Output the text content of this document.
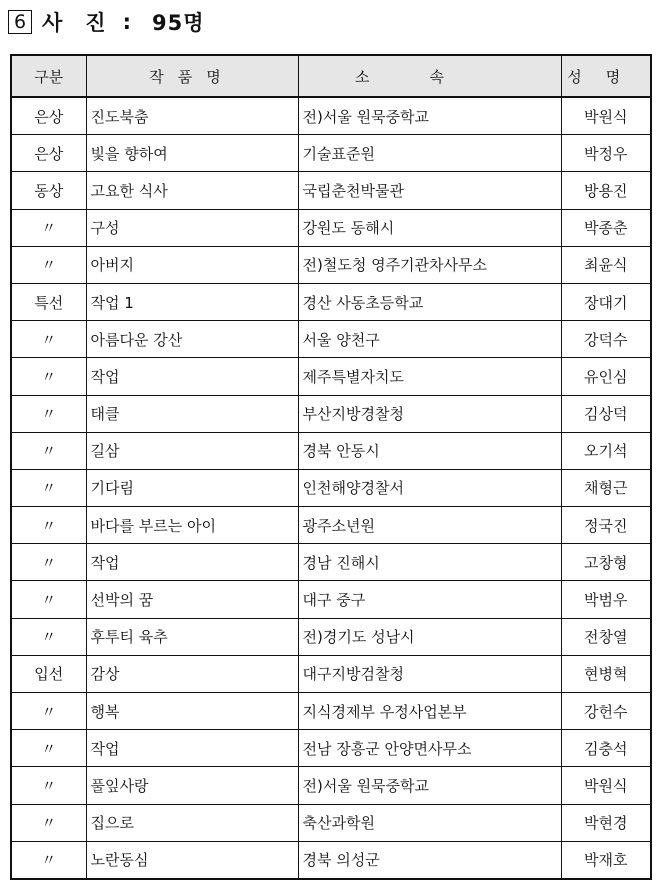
6 사 진 : 95명
구분	작품명	소속	성명
은상	진도북춤	전)서울 원묵중학교	박원식
은상	빛을 향하여	기술표준원	박정우
동상	고요한 식사	국립춘천박물관	방용진
〃	구성	강원도 동해시	박종춘
〃	아버지	전)철도청 영주기관차사무소	최윤식
특선	작업 1	경산 사동초등학교	장대기
〃	아름다운 강산	서울 양천구	강덕수
〃	작업	제주특별자치도	유인심
〃	태클	부산지방경찰청	김상덕
〃	길삼	경북 안동시	오기석
〃	기다림	인천해양경찰서	채형근
〃	바다를 부르는 아이	광주소년원	정국진
〃	작업	경남 진해시	고창형
〃	선박의 꿈	대구 중구	박범우
〃	후투티 육추	전)경기도 성남시	전창열
입선	감상	대구지방검찰청	현병혁
〃	행복	지식경제부 우정사업본부	강헌수
〃	작업	전남 장흥군 안양면사무소	김충석
〃	풀잎사랑	전)서울 원묵중학교	박원식
〃	집으로	축산과학원	박현경
〃	노란동심	경북 의성군	박재호
